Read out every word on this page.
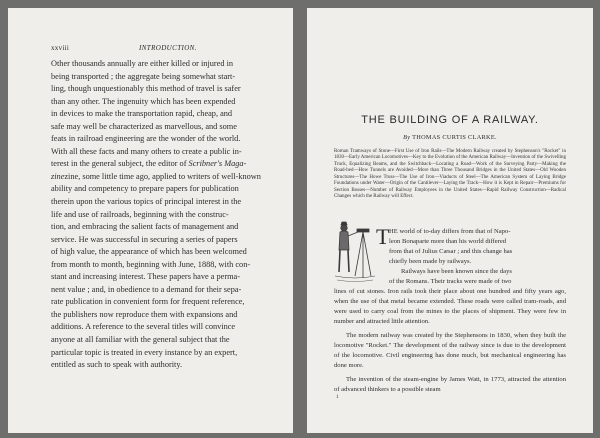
xxviii	INTRODUCTION.
Other thousands annually are either killed or injured in
being transported ; the aggregate being somewhat start-
ling, though unquestionably this method of travel is safer
than any other. The ingenuity which has been expended
in devices to make the transportation rapid, cheap, and
safe may well be characterized as marvellous, and some
feats in railroad engineering are the wonder of the world.
With all these facts and many others to create a public in-
terest in the general subject, the editor of Scribner's Maga-
zinezine, some little time ago, applied to writers of well-known
ability and competency to prepare papers for publication
therein upon the various topics of principal interest in the
life and use of railroads, beginning with the construc-
tion, and embracing the salient facts of management and
service. He was successful in securing a series of papers
of high value, the appearance of which has been welcomed
from month to month, beginning with June, 1888, with con-
stant and increasing interest. These papers have a perma-
nent value ; and, in obedience to a demand for their sepa-
rate publication in convenient form for frequent reference,
the publishers now reproduce them with expansions and
additions. A reference to the several titles will convince
anyone at all familiar with the general subject that the
particular topic is treated in every instance by an expert,
entitled as such to speak with authority.
THE BUILDING OF A RAILWAY.
By THOMAS CURTIS CLARKE.
Roman Tramways of Stone—First Use of Iron Rails—The Modern Railway created by Stephenson's "Rocket" in 1830—Early American Locomotives—Key to the Evolution of the American Railway—Invention of the Swivelling Truck, Equalizing Beams, and the Switchback—Locating a Road—Work of the Surveying Party—Making the Road-bed—How Tunnels are Avoided—More than Three Thousand Bridges in the United States—Old Wooden Structures—The Howe Truss—The Use of Iron—Viaducts of Steel—The American System of Laying Bridge Foundations under Water—Origin of the Cantilever—Laying the Track—How it is Kept in Repair—Premiums for Section Bosses—Number of Railway Employees in the United States—Rapid Railway Construction—Radical Changes which the Railway will Effect.
T HE world of to-day differs from that of Napo-
leon Bonaparte more than his world differed
from that of Julius Cæsar ; and this change has
chiefly been made by railways.
Railways have been known since the days
of the Romans. Their tracks were made of two

lines of cut stones. Iron rails took their place about one hundred and fifty years ago, when the use of that metal became extended. These roads were called tram-roads, and were used to carry coal from the mines to the places of shipment. They were few in number and attracted little attention.

The modern railway was created by the Stephensons in 1830, when they built the locomotive "Rocket." The development of the railway since is due to the development of the locomotive. Civil engineering has done much, but mechanical engineering has done more.

The invention of the steam-engine by James Watt, in 1773, attracted the attention of advanced thinkers to a possible steam

1
